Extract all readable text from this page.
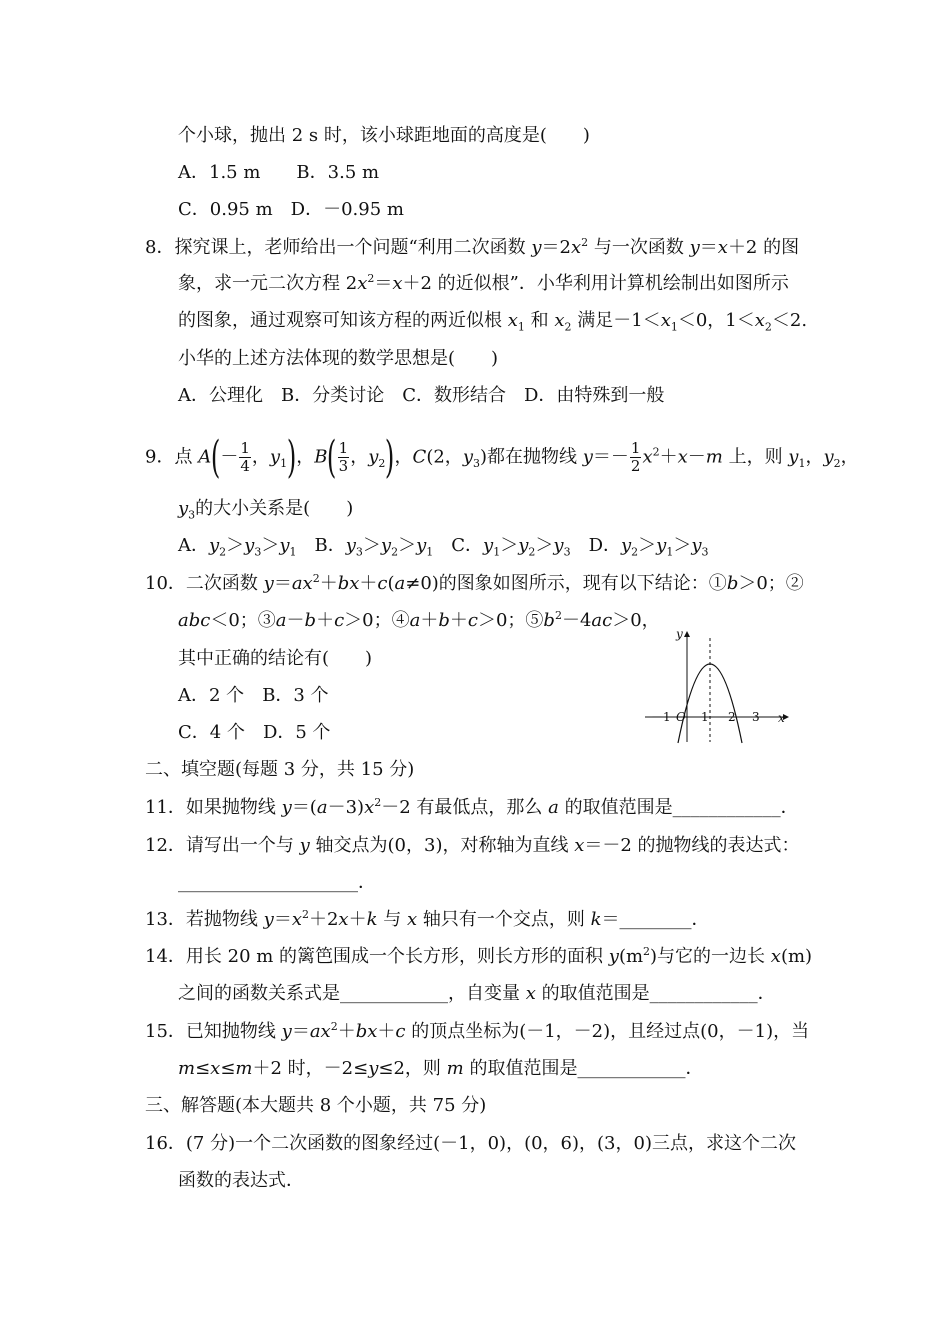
个小球，抛出 2 s 时，该小球距地面的高度是(　　)
A．1.5 m　　 B．3.5 m
C．0.95 m　 D．－0.95 m
8．探究课上，老师给出一个问题“利用二次函数 $y=2x^2$ 与一次函数 y＝x＋2 的图
象，求一元二次方程 $2x^2=x+2$ 的近似根”．小华利用计算机绘制出如图所示
的图象，通过观察可知该方程的两近似根 $x_1$ 和 $x_2$ 满足$-1<x_1<0$，$1<x_2<2$.
小华的上述方法体现的数学思想是(　　)
A．公理化　B．分类讨论　C．数形结合　D．由特殊到一般
9．点 $A(- \frac{1}{4}$ ，$y_1$)，$B( \frac{1}{3}$ ，$y_2$)，C(2，$y_3$)都在抛物线 $y=- \frac{1}{2} x^2+x-m$ 上，则 $y_1$，$y_2$，
$y_3$的大小关系是(　　)
A．$y_2>y_3>y_1$　 B．$y_3>y_2>y_1$　 C．$y_1>y_2>y_3$　 D．$y_2>y_1>y_3$
10．二次函数 $y=ax^2+bx+c(a\ne 0)$的图象如图所示，现有以下结论：①b＞0；②
abc＜0；③a－b＋c＞0；④a＋b＋c＞0；$⑤b^2-4ac>0$，
其中正确的结论有(　　)
A．2 个　 B．3 个
C．4 个　 D．5 个
y
x
－1 O 1 2 3
二、填空题(每题 3 分，共 15 分)
11．如果抛物线 $y=(a-3)x^2-2$ 有最低点，那么 a 的取值范围是____________．
12．请写出一个与 y 轴交点为(0，3)，对称轴为直线 x＝－2 的抛物线的表达式：
____________________．
13．若抛物线 $y=x^2+2x+k$ 与 x 轴只有一个交点，则 k＝________．
14．用长 20 m 的篱笆围成一个长方形，则长方形的面积 $y(m^2)$与它的一边长 x(m)
之间的函数关系式是____________，自变量 x 的取值范围是____________．
15．已知抛物线 $y=ax^2+bx+c$ 的顶点坐标为(－1，－2)，且经过点(0，－1)，当
m≤x≤m＋2 时，－2≤y≤2，则 m 的取值范围是____________．
三、解答题(本大题共 8 个小题，共 75 分)
16．(7 分)一个二次函数的图象经过(－1，0)，(0，6)，(3，0)三点，求这个二次
函数的表达式．
